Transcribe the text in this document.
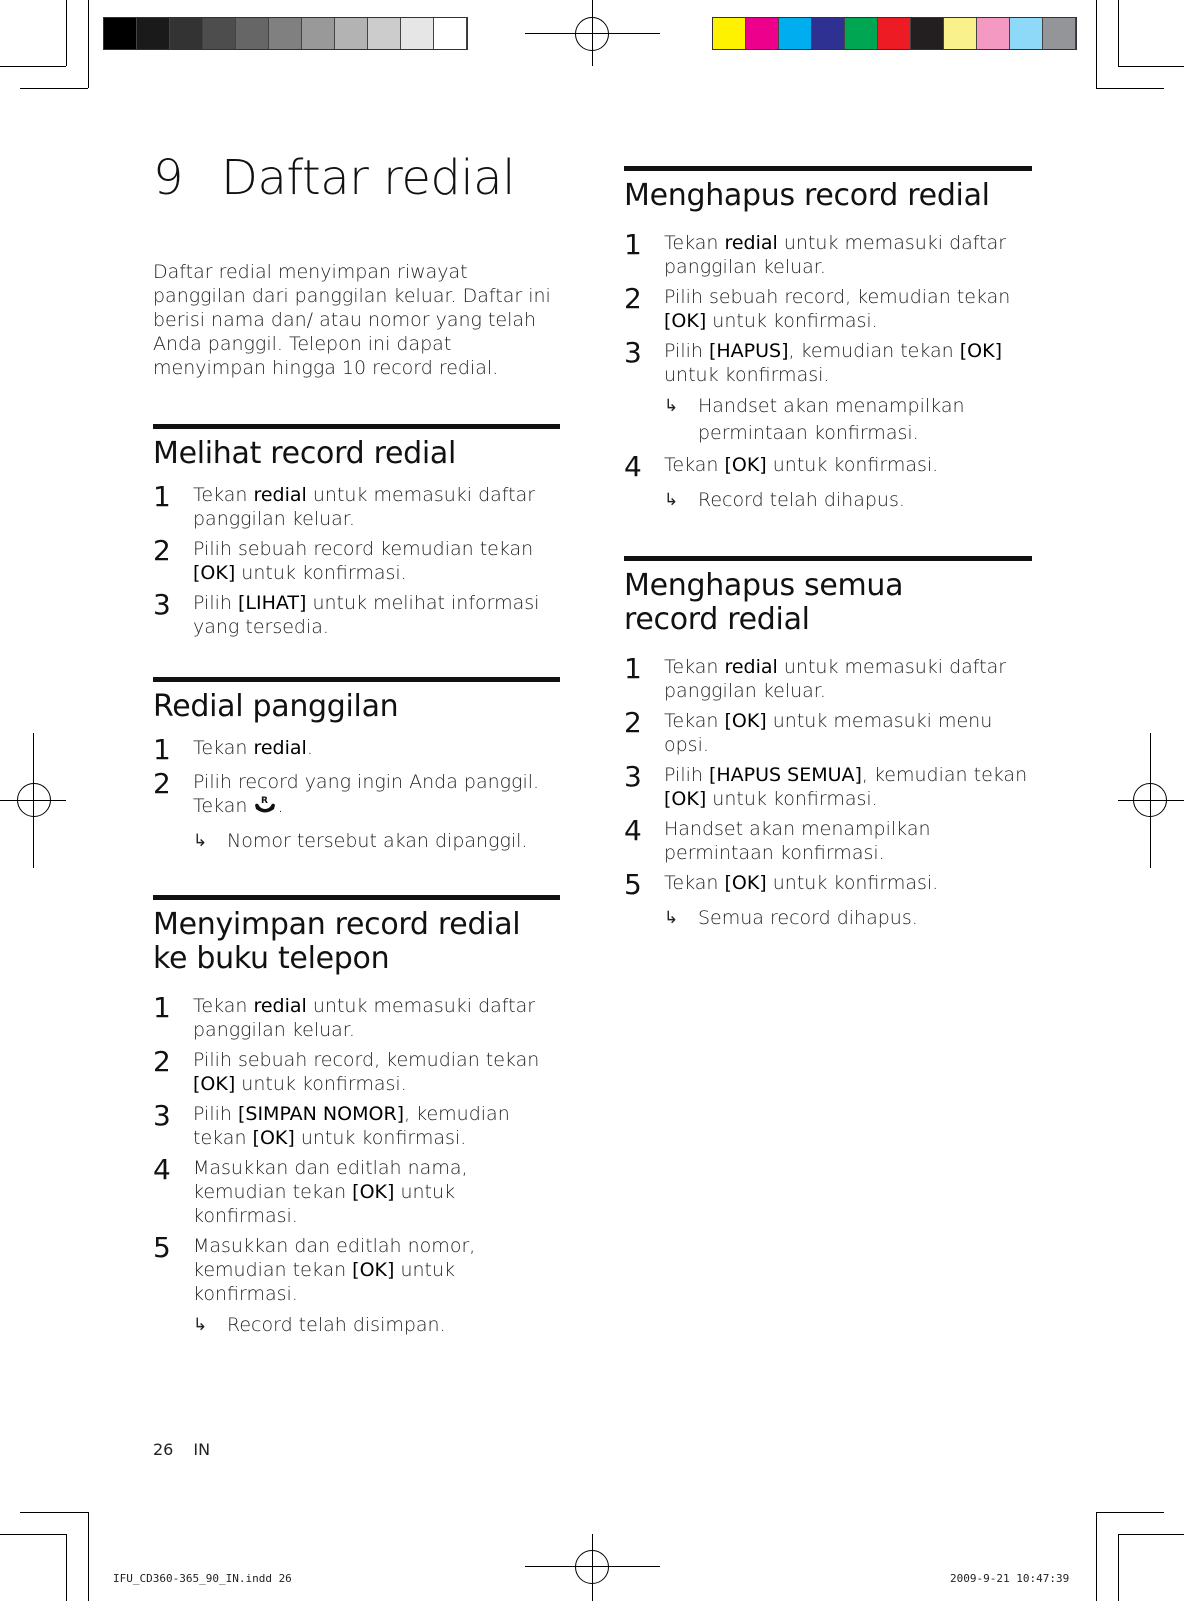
9 Daftar redial

Daftar redial menyimpan riwayat panggilan dari panggilan keluar. Daftar ini berisi nama dan/ atau nomor yang telah Anda panggil. Telepon ini dapat menyimpan hingga 10 record redial.

Melihat record redial
1	Tekan redial untuk memasuki daftar panggilan keluar.
2	Pilih sebuah record kemudian tekan [OK] untuk konfirmasi.
3	Pilih [LIHAT] untuk melihat informasi yang tersedia.
Redial panggilan
1	Tekan redial.
2	Pilih record yang ingin Anda panggil. Tekan R .
↳	Nomor tersebut akan dipanggil.
Menyimpan record redial ke buku telepon
1	Tekan redial untuk memasuki daftar panggilan keluar.
2	Pilih sebuah record, kemudian tekan [OK] untuk konfirmasi.
3	Pilih [SIMPAN NOMOR], kemudian tekan [OK] untuk konfirmasi.
4	Masukkan dan editlah nama, kemudian tekan [OK] untuk konfirmasi.
5	Masukkan dan editlah nomor, kemudian tekan [OK] untuk konfirmasi.
↳	Record telah disimpan.
Menghapus record redial
1	Tekan redial untuk memasuki daftar panggilan keluar.
2	Pilih sebuah record, kemudian tekan [OK] untuk konfirmasi.
3	Pilih [HAPUS], kemudian tekan [OK] untuk konfirmasi.
↳	Handset akan menampilkan permintaan konfirmasi.
4	Tekan [OK] untuk konfirmasi.
↳	Record telah dihapus.
Menghapus semua record redial
1	Tekan redial untuk memasuki daftar panggilan keluar.
2	Tekan [OK] untuk memasuki menu opsi.
3	Pilih [HAPUS SEMUA], kemudian tekan [OK] untuk konfirmasi.
4	Handset akan menampilkan permintaan konfirmasi.
5	Tekan [OK] untuk konfirmasi.
↳	Semua record dihapus.
26 IN
IFU_CD360-365_90_IN.indd 26	2009-9-21 10:47:39
